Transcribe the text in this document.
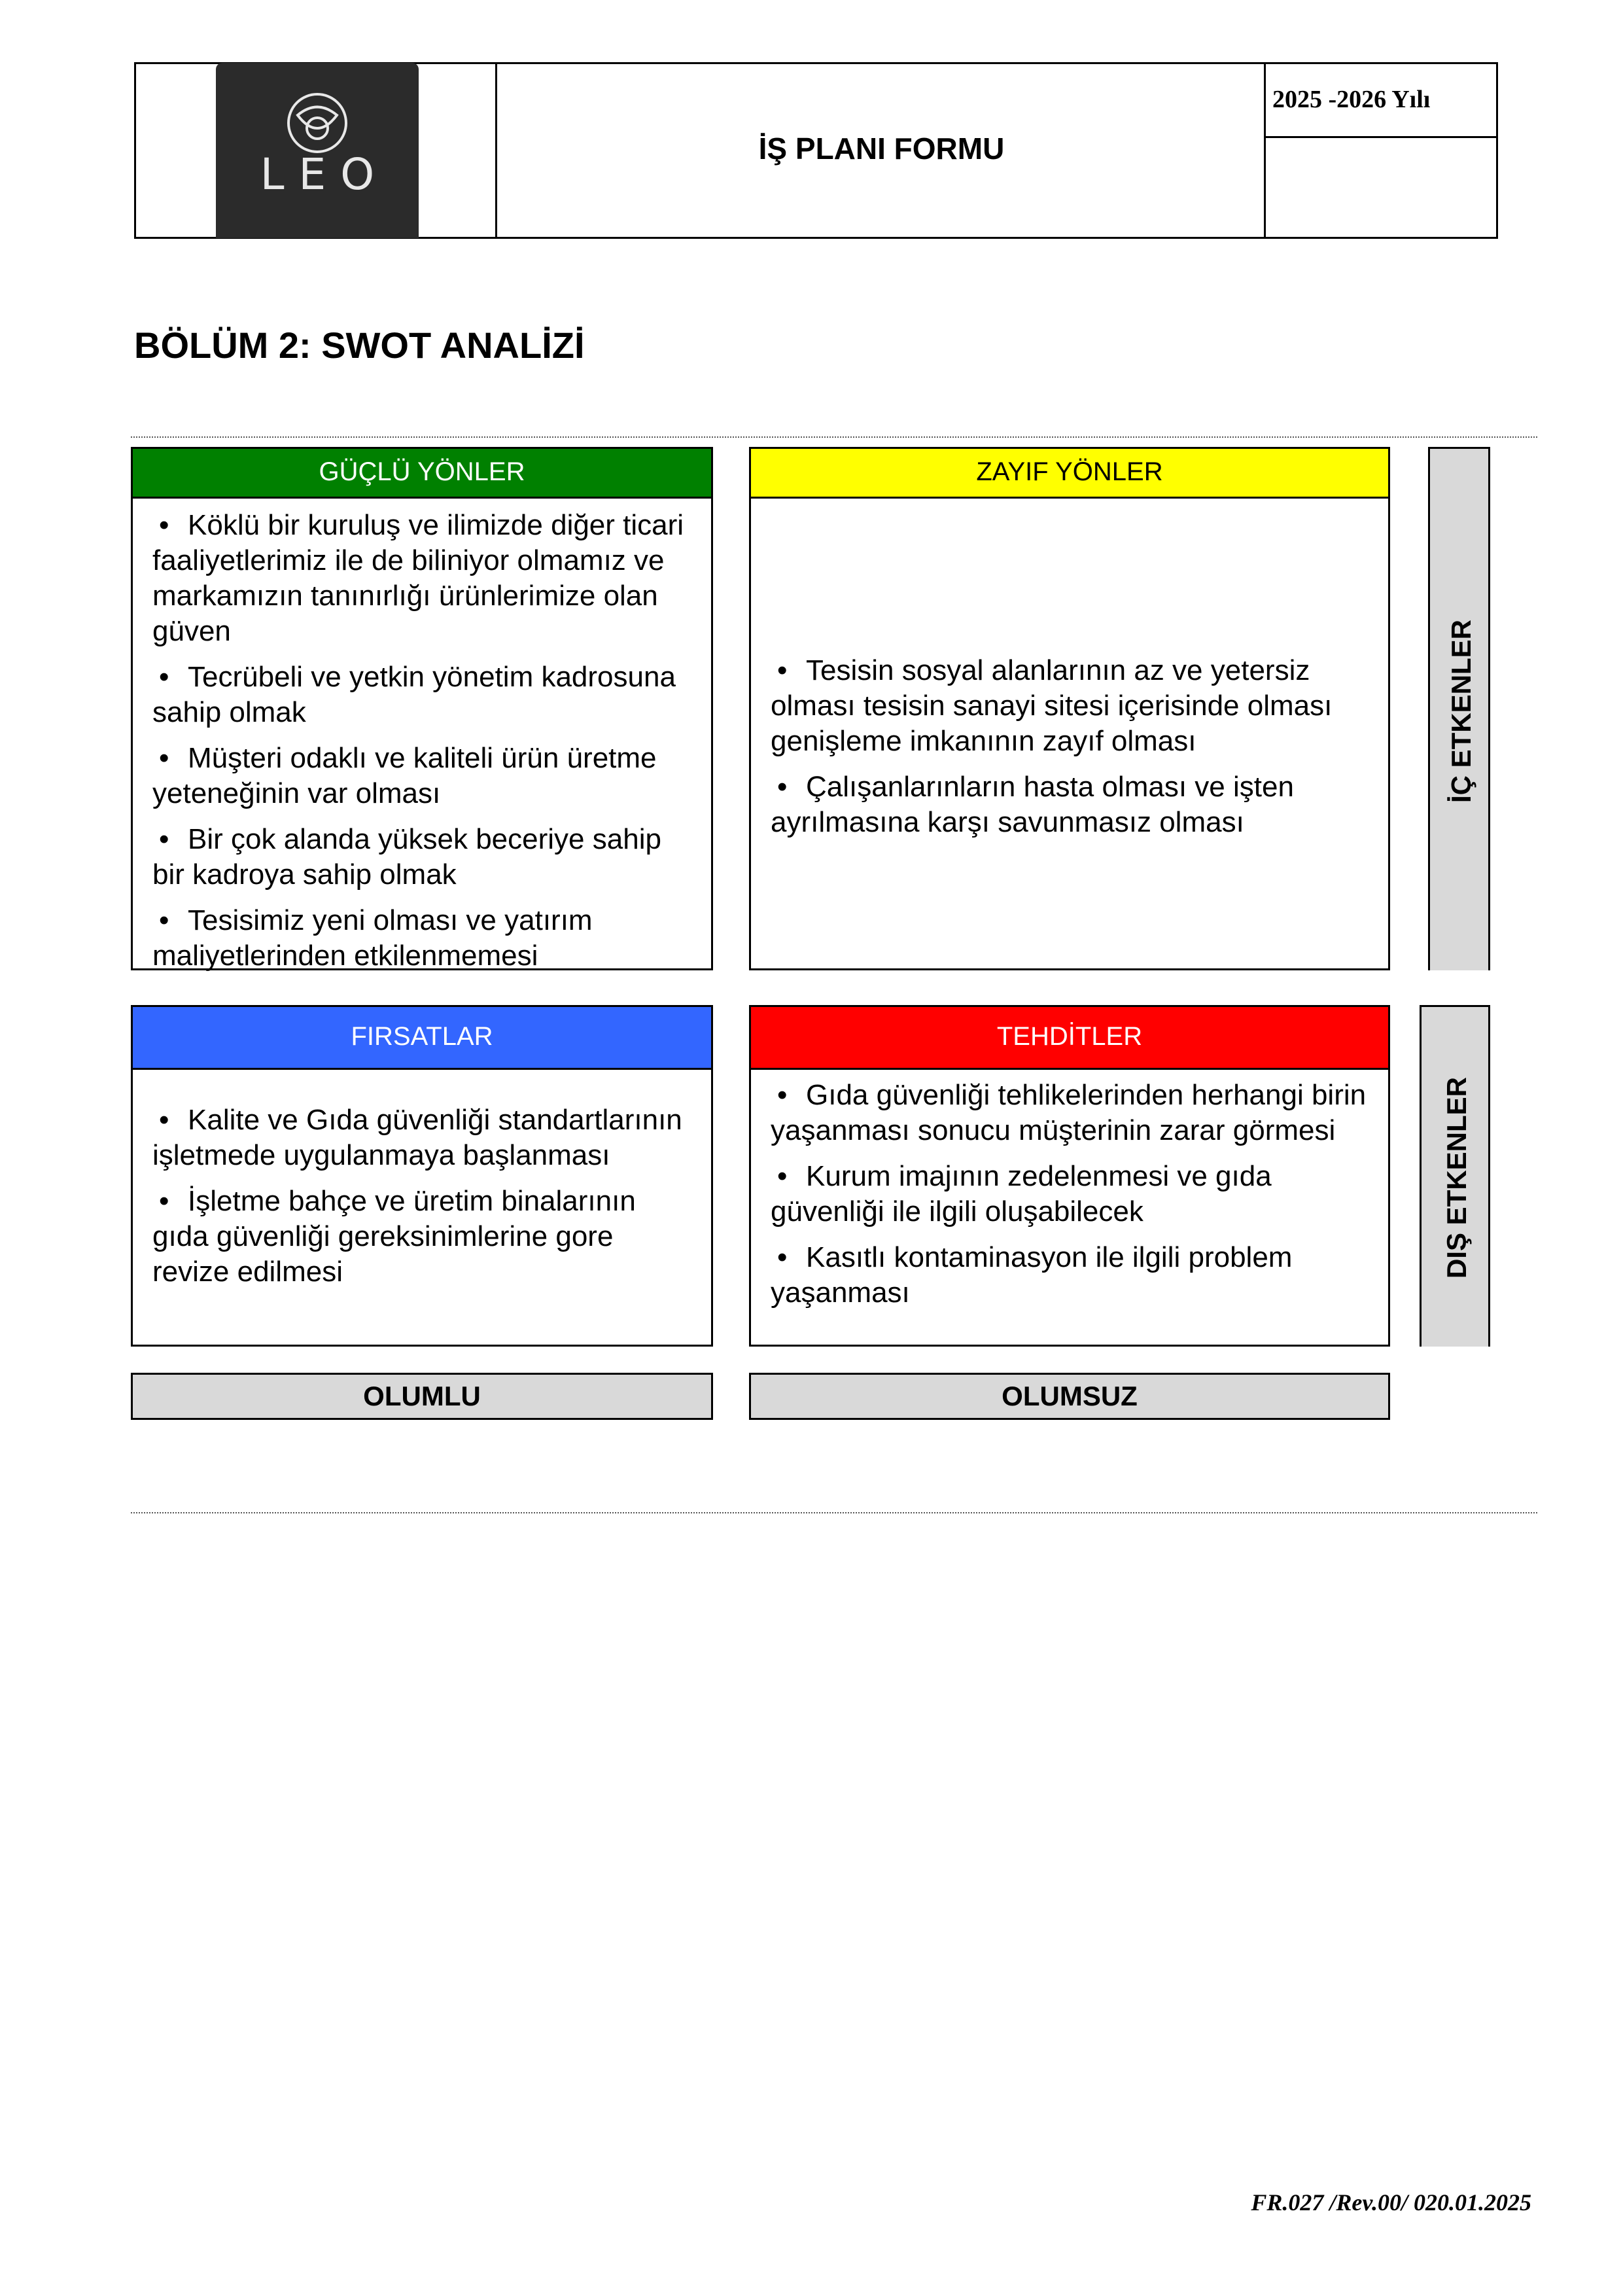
LEO
İŞ PLANI FORMU
2025 -2026 Yılı
BÖLÜM 2: SWOT ANALİZİ
GÜÇLÜ YÖNLER
• Köklü bir kuruluş ve ilimizde diğer ticari faaliyetlerimiz ile de biliniyor olmamız ve markamızın tanınırlığı ürünlerimize olan güven
• Tecrübeli ve yetkin yönetim kadrosuna sahip olmak
• Müşteri odaklı ve kaliteli ürün üretme yeteneğinin var olması
• Bir çok alanda yüksek beceriye sahip bir kadroya sahip olmak
• Tesisimiz yeni olması ve yatırım maliyetlerinden etkilenmemesi
ZAYIF YÖNLER
• Tesisin sosyal alanlarının az ve yetersiz olması tesisin sanayi sitesi içerisinde olması genişleme imkanının zayıf olması
• Çalışanlarınların hasta olması ve işten ayrılmasına karşı savunmasız olması
İÇ ETKENLER
FIRSATLAR
• Kalite ve Gıda güvenliği standartlarının işletmede uygulanmaya başlanması
• İşletme bahçe ve üretim binalarının gıda güvenliği gereksinimlerine gore revize edilmesi
TEHDİTLER
• Gıda güvenliği tehlikelerinden herhangi birin yaşanması sonucu müşterinin zarar görmesi
• Kurum imajının zedelenmesi ve gıda güvenliği ile ilgili oluşabilecek
• Kasıtlı kontaminasyon ile ilgili problem yaşanması
DIŞ ETKENLER
OLUMLU	OLUMSUZ
FR.027 /Rev.00/ 020.01.2025
